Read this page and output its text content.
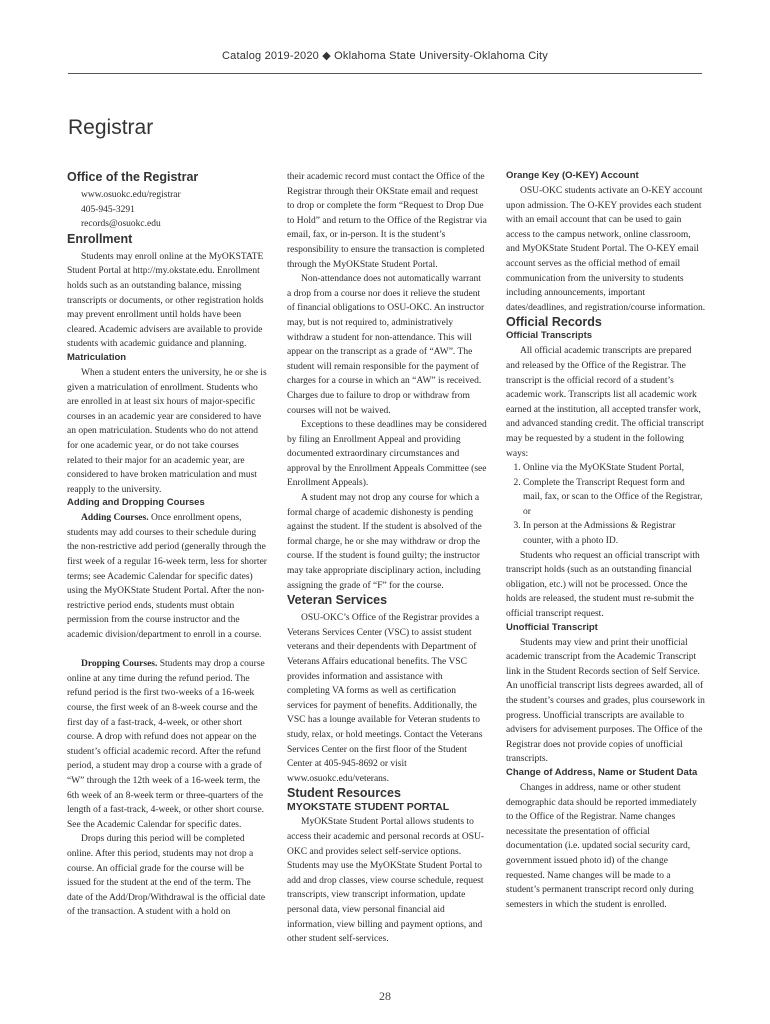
Catalog 2019-2020 ◆ Oklahoma State University-Oklahoma City
Registrar
Office of the Registrar
www.osuokc.edu/registrar
405-945-3291
records@osuokc.edu
Enrollment

Students may enroll online at the MyOKSTATE Student Portal at http://my.okstate.edu. Enrollment holds such as an outstanding balance, missing transcripts or documents, or other registration holds may prevent enrollment until holds have been cleared. Academic advisers are available to provide students with academic guidance and planning.

Matriculation

When a student enters the university, he or she is given a matriculation of enrollment. Students who are enrolled in at least six hours of major-specific courses in an academic year are considered to have an open matriculation. Students who do not attend for one academic year, or do not take courses related to their major for an academic year, are considered to have broken matriculation and must reapply to the university.

Adding and Dropping Courses

Adding Courses. Once enrollment opens, students may add courses to their schedule during the non-restrictive add period (generally through the first week of a regular 16-week term, less for shorter terms; see Academic Calendar for specific dates) using the MyOKState Student Portal. After the non-restrictive period ends, students must obtain permission from the course instructor and the academic division/department to enroll in a course.

Dropping Courses. Students may drop a course online at any time during the refund period. The refund period is the first two-weeks of a 16-week course, the first week of an 8-week course and the first day of a fast-track, 4-week, or other short course. A drop with refund does not appear on the student’s official academic record. After the refund period, a student may drop a course with a grade of “W” through the 12th week of a 16-week term, the 6th week of an 8-week term or three-quarters of the length of a fast-track, 4-week, or other short course. See the Academic Calendar for specific dates.

Drops during this period will be completed online. After this period, students may not drop a course. An official grade for the course will be issued for the student at the end of the term. The date of the Add/Drop/Withdrawal is the official date of the transaction. A student with a hold on

their academic record must contact the Office of the Registrar through their OKState email and request to drop or complete the form “Request to Drop Due to Hold” and return to the Office of the Registrar via email, fax, or in-person. It is the student’s responsibility to ensure the transaction is completed through the MyOKState Student Portal.

Non-attendance does not automatically warrant a drop from a course nor does it relieve the student of financial obligations to OSU-OKC. An instructor may, but is not required to, administratively withdraw a student for non-attendance. This will appear on the transcript as a grade of “AW”. The student will remain responsible for the payment of charges for a course in which an “AW” is received. Charges due to failure to drop or withdraw from courses will not be waived.

Exceptions to these deadlines may be considered by filing an Enrollment Appeal and providing documented extraordinary circumstances and approval by the Enrollment Appeals Committee (see Enrollment Appeals).

A student may not drop any course for which a formal charge of academic dishonesty is pending against the student. If the student is absolved of the formal charge, he or she may withdraw or drop the course. If the student is found guilty; the instructor may take appropriate disciplinary action, including assigning the grade of “F” for the course.

Veteran Services

OSU-OKC’s Office of the Registrar provides a Veterans Services Center (VSC) to assist student veterans and their dependents with Department of Veterans Affairs educational benefits. The VSC provides information and assistance with completing VA forms as well as certification services for payment of benefits. Additionally, the VSC has a lounge available for Veteran students to study, relax, or hold meetings. Contact the Veterans Services Center on the first floor of the Student Center at 405-945-8692 or visit www.osuokc.edu/veterans.

Student Resources
MYOKSTATE STUDENT PORTAL

MyOKState Student Portal allows students to access their academic and personal records at OSU-OKC and provides select self-service options. Students may use the MyOKState Student Portal to add and drop classes, view course schedule, request transcripts, view transcript information, update personal data, view personal financial aid information, view billing and payment options, and other student self-services.

Orange Key (O-KEY) Account

OSU-OKC students activate an O-KEY account upon admission. The O-KEY provides each student with an email account that can be used to gain access to the campus network, online classroom, and MyOKState Student Portal. The O-KEY email account serves as the official method of email communication from the university to students including announcements, important dates/deadlines, and registration/course information.

Official Records
Official Transcripts

All official academic transcripts are prepared and released by the Office of the Registrar. The transcript is the official record of a student’s academic work. Transcripts list all academic work earned at the institution, all accepted transfer work, and advanced standing credit. The official transcript may be requested by a student in the following ways:

1. Online via the MyOKState Student Portal,
2. Complete the Transcript Request form and mail, fax, or scan to the Office of the Registrar, or
3. In person at the Admissions & Registrar counter, with a photo ID.

Students who request an official transcript with transcript holds (such as an outstanding financial obligation, etc.) will not be processed. Once the holds are released, the student must re-submit the official transcript request.

Unofficial Transcript

Students may view and print their unofficial academic transcript from the Academic Transcript link in the Student Records section of Self Service. An unofficial transcript lists degrees awarded, all of the student’s courses and grades, plus coursework in progress. Unofficial transcripts are available to advisers for advisement purposes. The Office of the Registrar does not provide copies of unofficial transcripts.

Change of Address, Name or Student Data

Changes in address, name or other student demographic data should be reported immediately to the Office of the Registrar. Name changes necessitate the presentation of official documentation (i.e. updated social security card, government issued photo id) of the change requested. Name changes will be made to a student’s permanent transcript record only during semesters in which the student is enrolled.

28
